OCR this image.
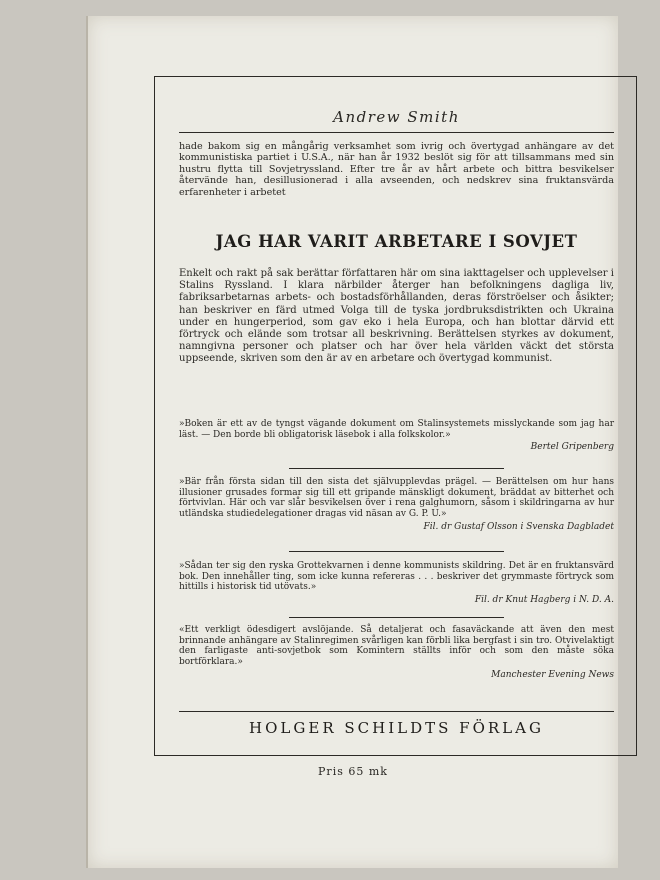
Andrew Smith
hade bakom sig en mångårig verksamhet som ivrig och övertygad anhängare av det kommunistiska partiet i U.S.A., när han år 1932 beslöt sig för att tillsammans med sin hustru flytta till Sovjetryssland. Efter tre år av hårt arbete och bittra besvikelser återvände han, desillusionerad i alla avseenden, och nedskrev sina fruktansvärda erfarenheter i arbetet
JAG HAR VARIT ARBETARE I SOVJET
Enkelt och rakt på sak berättar författaren här om sina iakttagelser och upplevelser i Stalins Ryssland. I klara närbilder återger han befolkningens dagliga liv, fabriksarbetarnas arbets- och bostadsförhållanden, deras förströelser och åsikter; han beskriver en färd utmed Volga till de tyska jordbruksdistrikten och Ukraina under en hungerperiod, som gav eko i hela Europa, och han blottar därvid ett förtryck och elände som trotsar all beskrivning. Berättelsen styrkes av dokument, namngivna personer och platser och har över hela världen väckt det största uppseende, skriven som den är av en arbetare och övertygad kommunist.
»Boken är ett av de tyngst vägande dokument om Stalinsystemets misslyckande som jag har läst. — Den borde bli obligatorisk läsebok i alla folkskolor.»
Bertel Gripenberg
»Bär från första sidan till den sista det självupplevdas prägel. — Berättelsen om hur hans illusioner grusades formar sig till ett gripande mänskligt dokument, bräddat av bitterhet och förtvivlan. Här och var slår besvikelsen över i rena galghumorn, såsom i skildringarna av hur utländska studiedelegationer dragas vid näsan av G. P. U.»
Fil. dr Gustaf Olsson i Svenska Dagbladet
»Sådan ter sig den ryska Grottekvarnen i denne kommunists skildring. Det är en fruktansvärd bok. Den innehåller ting, som icke kunna refereras . . . beskriver det grymmaste förtryck som hittills i historisk tid utövats.»
Fil. dr Knut Hagberg i N. D. A.
«Ett verkligt ödesdigert avslöjande. Så detaljerat och fasaväckande att även den mest brinnande anhängare av Stalinregimen svårligen kan förbli lika bergfast i sin tro. Otvivelaktigt den farligaste anti-sovjetbok som Komintern ställts inför och som den måste söka bortförklara.»
Manchester Evening News
HOLGER SCHILDTS FÖRLAG
Pris 65 mk
